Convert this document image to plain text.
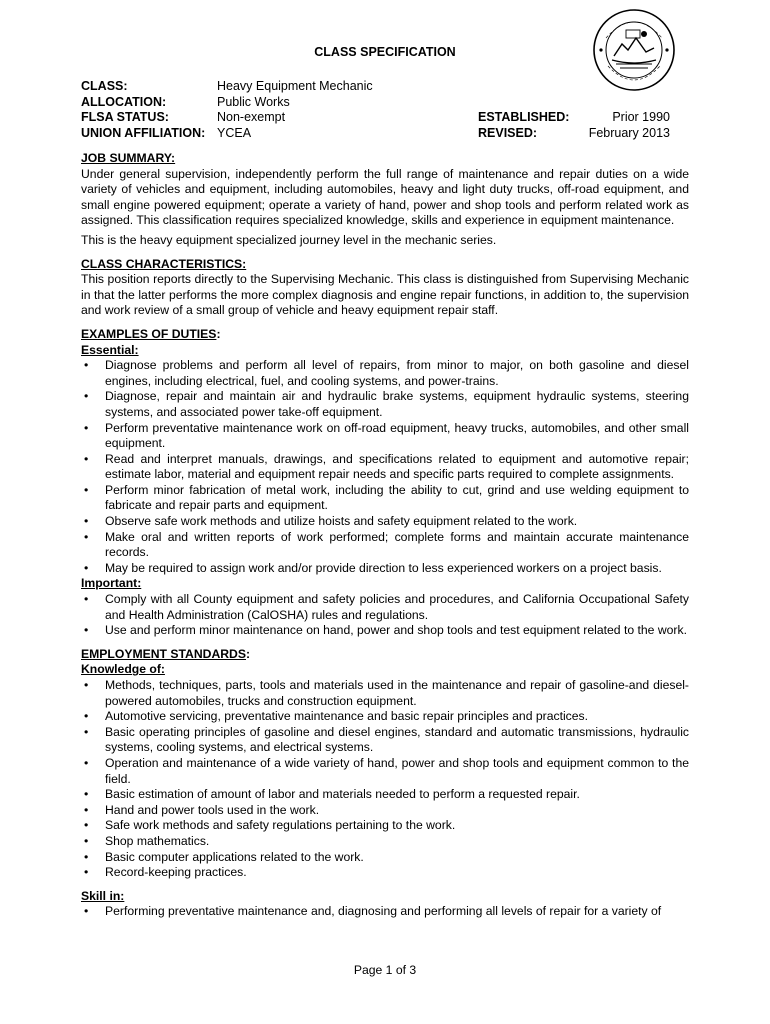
CLASS SPECIFICATION
CLASS:	Heavy Equipment Mechanic
ALLOCATION:	Public Works
FLSA STATUS:	Non-exempt	ESTABLISHED:	Prior 1990
UNION AFFILIATION: YCEA	REVISED:	February 2013
JOB SUMMARY:

Under general supervision, independently perform the full range of maintenance and repair duties on a wide variety of vehicles and equipment, including automobiles, heavy and light duty trucks, off-road equipment, and small engine powered equipment; operate a variety of hand, power and shop tools and perform related work as assigned. This classification requires specialized knowledge, skills and experience in equipment maintenance.

This is the heavy equipment specialized journey level in the mechanic series.

CLASS CHARACTERISTICS:

This position reports directly to the Supervising Mechanic. This class is distinguished from Supervising Mechanic in that the latter performs the more complex diagnosis and engine repair functions, in addition to, the supervision and work review of a small group of vehicle and heavy equipment repair staff.

EXAMPLES OF DUTIES:
Essential:
• Diagnose problems and perform all level of repairs, from minor to major, on both gasoline and diesel engines, including electrical, fuel, and cooling systems, and power-trains.
• Diagnose, repair and maintain air and hydraulic brake systems, equipment hydraulic systems, steering systems, and associated power take-off equipment.
• Perform preventative maintenance work on off-road equipment, heavy trucks, automobiles, and other small equipment.
• Read and interpret manuals, drawings, and specifications related to equipment and automotive repair; estimate labor, material and equipment repair needs and specific parts required to complete assignments.
• Perform minor fabrication of metal work, including the ability to cut, grind and use welding equipment to fabricate and repair parts and equipment.
• Observe safe work methods and utilize hoists and safety equipment related to the work.
• Make oral and written reports of work performed; complete forms and maintain accurate maintenance records.
• May be required to assign work and/or provide direction to less experienced workers on a project basis.
Important:
• Comply with all County equipment and safety policies and procedures, and California Occupational Safety and Health Administration (CalOSHA) rules and regulations.
• Use and perform minor maintenance on hand, power and shop tools and test equipment related to the work.
EMPLOYMENT STANDARDS:
Knowledge of:
• Methods, techniques, parts, tools and materials used in the maintenance and repair of gasoline-and diesel-powered automobiles, trucks and construction equipment.
• Automotive servicing, preventative maintenance and basic repair principles and practices.
• Basic operating principles of gasoline and diesel engines, standard and automatic transmissions, hydraulic systems, cooling systems, and electrical systems.
• Operation and maintenance of a wide variety of hand, power and shop tools and equipment common to the field.
• Basic estimation of amount of labor and materials needed to perform a requested repair.
• Hand and power tools used in the work.
• Safe work methods and safety regulations pertaining to the work.
• Shop mathematics.
• Basic computer applications related to the work.
• Record-keeping practices.
Skill in:
• Performing preventative maintenance and, diagnosing and performing all levels of repair for a variety of
Page 1 of 3
